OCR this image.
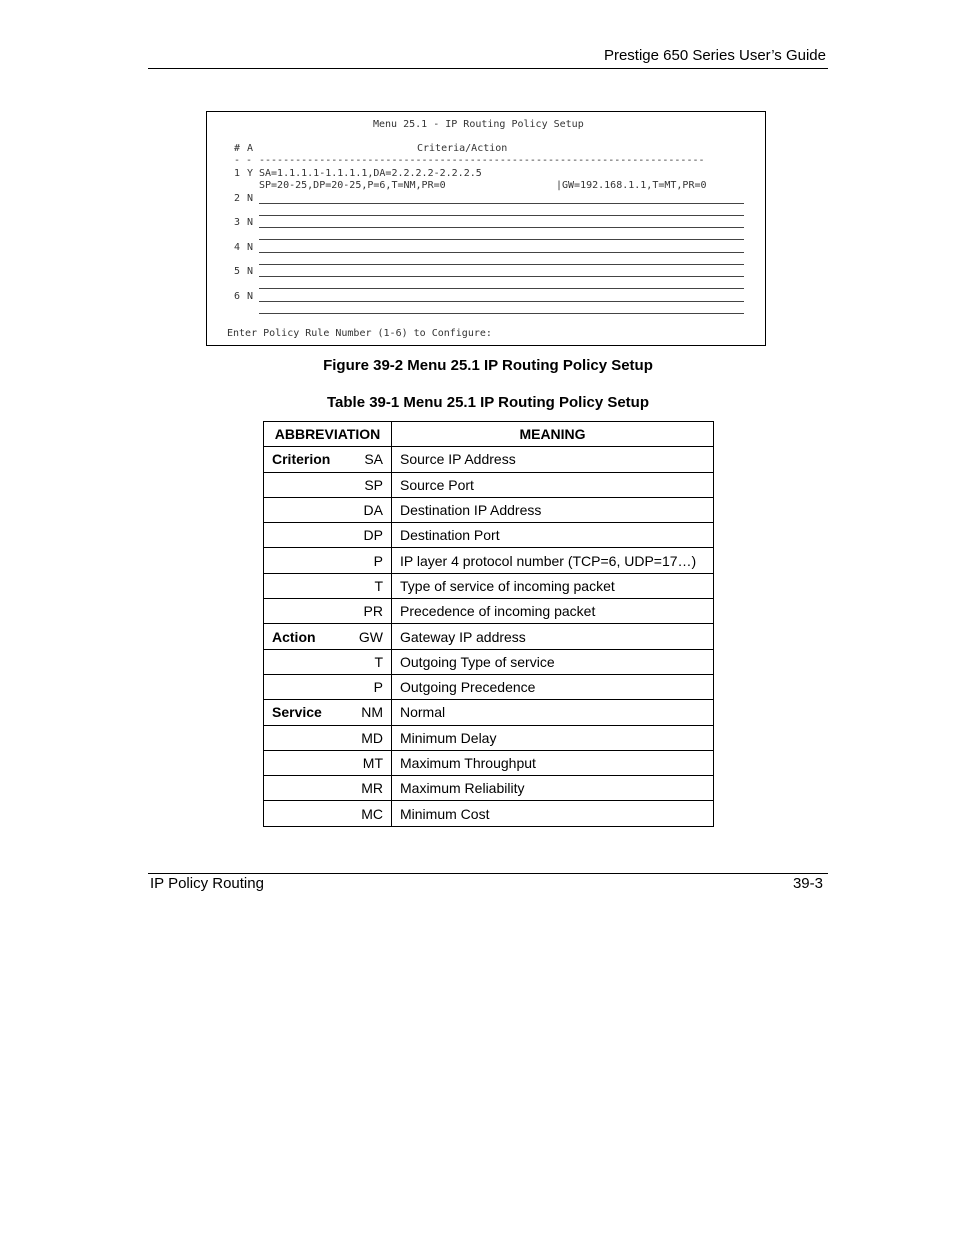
Prestige 650 Series User’s Guide
Menu 25.1 - IP Routing Policy Setup
# A	Criteria/Action
- - --------------------------------------------------------------------------
1 Y SA=1.1.1.1-1.1.1.1,DA=2.2.2.2-2.2.2.5
SP=20-25,DP=20-25,P=6,T=NM,PR=0	|GW=192.168.1.1,T=MT,PR=0
2 N
3 N
4 N
5 N
6 N
Enter Policy Rule Number (1-6) to Configure:
Figure 39-2 Menu 25.1 IP Routing Policy Setup
Table 39-1 Menu 25.1 IP Routing Policy Setup
ABBREVIATION	MEANING

Criterion SA	Source IP Address

SP	Source Port

DA	Destination IP Address

DP	Destination Port

P	IP layer 4 protocol number (TCP=6, UDP=17…)

T	Type of service of incoming packet

PR	Precedence of incoming packet

Action GW	Gateway IP address

T	Outgoing Type of service

P	Outgoing Precedence

Service NM	Normal

MD	Minimum Delay

MT	Maximum Throughput

MR	Maximum Reliability

MC	Minimum Cost
IP Policy Routing	39-3
